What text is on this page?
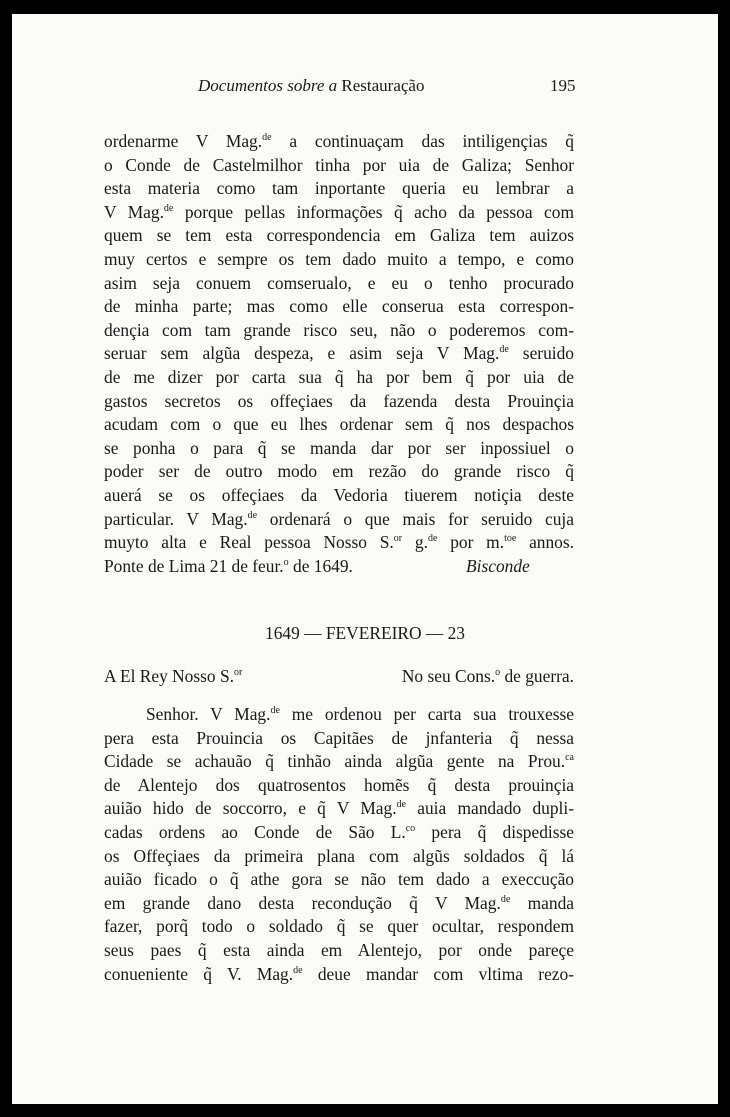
Documentos sobre a Restauração	195
ordenarme V Mag.$^{de}$ a continuaçam das intiligençias q̃
o Conde de Castelmilhor tinha por uia de Galiza; Senhor
esta materia como tam inportante queria eu lembrar a
V Mag.$^{de}$ porque pellas informações q̃ acho da pessoa com
quem se tem esta correspondencia em Galiza tem auizos
muy certos e sempre os tem dado muito a tempo, e como
asim seja conuem comserualo, e eu o tenho procurado
de minha parte; mas como elle conserua esta correspon-
dençia com tam grande risco seu, não o poderemos com-
seruar sem algũa despeza, e asim seja V Mag.$^{de}$ seruido
de me dizer por carta sua q̃ ha por bem q̃ por uia de
gastos secretos os offeçiaes da fazenda desta Prouinçia
acudam com o que eu lhes ordenar sem q̃ nos despachos
se ponha o para q̃ se manda dar por ser inpossiuel o
poder ser de outro modo em rezão do grande risco q̃
auerá se os offeçiaes da Vedoria tiuerem notiçia deste
particular. V Mag.$^{de}$ ordenará o que mais for seruido cuja
muyto alta e Real pessoa Nosso S.$^{or}$ g.$^{de}$ por m.$^{toe}$ annos.
Ponte de Lima 21 de feur.$^o$ de 1649.	Bisconde
1649 — FEVEREIRO — 23
A El Rey Nosso S.$^{or}$	No seu Cons.$^o$ de guerra.
Senhor. V Mag.$^{de}$ me ordenou per carta sua trouxesse
pera esta Prouincia os Capitães de jnfanteria q̃ nessa
Cidade se achauão q̃ tinhão ainda algũa gente na Prou.$^{ca}$
de Alentejo dos quatrosentos homẽs q̃ desta prouinçia
auião hido de soccorro, e q̃ V Mag.$^{de}$ auia mandado dupli-
cadas ordens ao Conde de São L.$^{co}$ pera q̃ dispedisse
os Offeçiaes da primeira plana com algũs soldados q̃ lá
auião ficado o q̃ athe gora se não tem dado a execcução
em grande dano desta recondução q̃ V Mag.$^{de}$ manda
fazer, porq̃ todo o soldado q̃ se quer ocultar, respondem
seus paes q̃ esta ainda em Alentejo, por onde pareçe
conueniente q̃ V. Mag.$^{de}$ deue mandar com vltima rezo-
